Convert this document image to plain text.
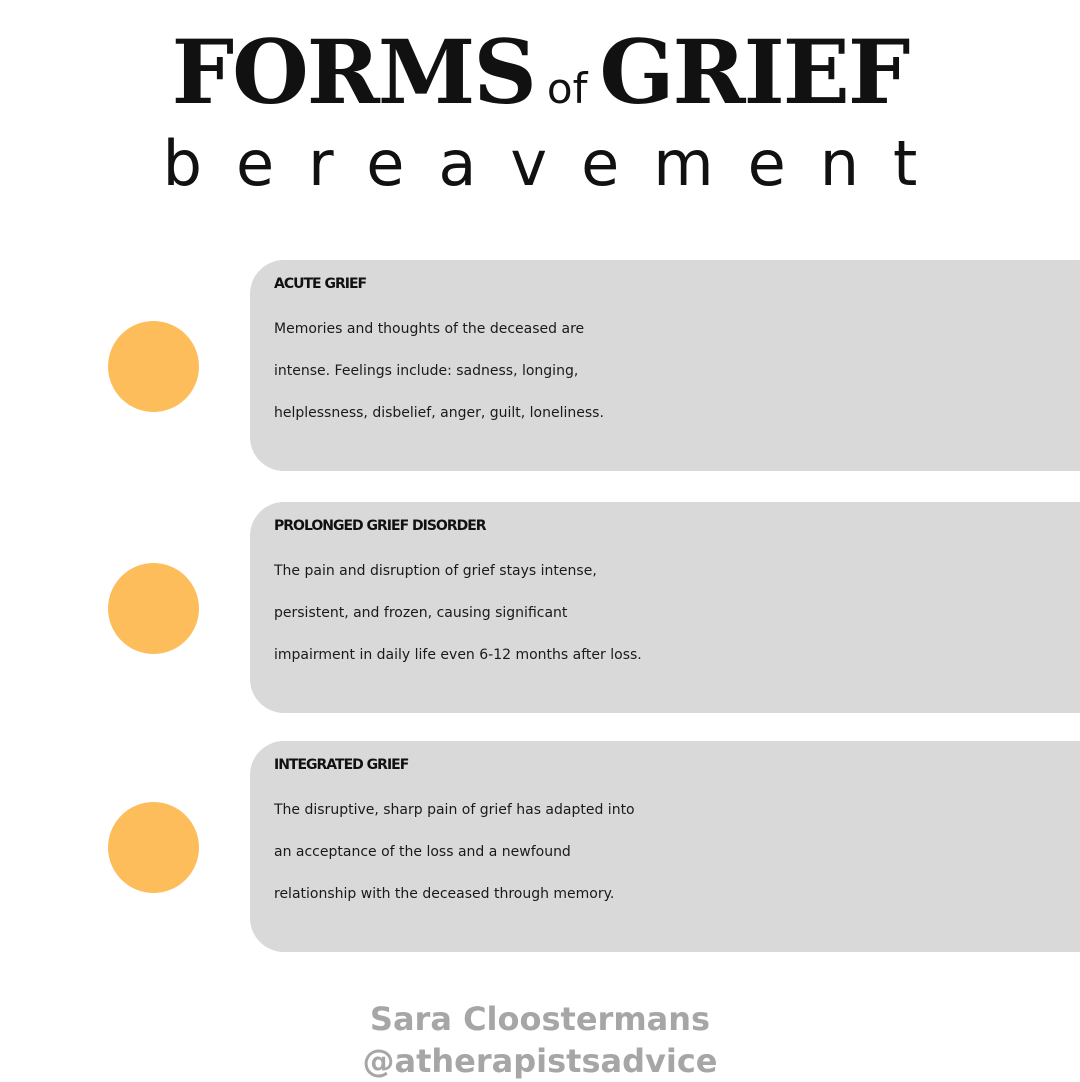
FORMS of GRIEF
bereavement
ACUTE GRIEF
Memories and thoughts of the deceased are
intense. Feelings include: sadness, longing,
helplessness, disbelief, anger, guilt, loneliness.
PROLONGED GRIEF DISORDER
The pain and disruption of grief stays intense,
persistent, and frozen, causing significant
impairment in daily life even 6-12 months after loss.
INTEGRATED GRIEF
The disruptive, sharp pain of grief has adapted into
an acceptance of the loss and a newfound
relationship with the deceased through memory.
Sara Cloostermans
@atherapistsadvice
